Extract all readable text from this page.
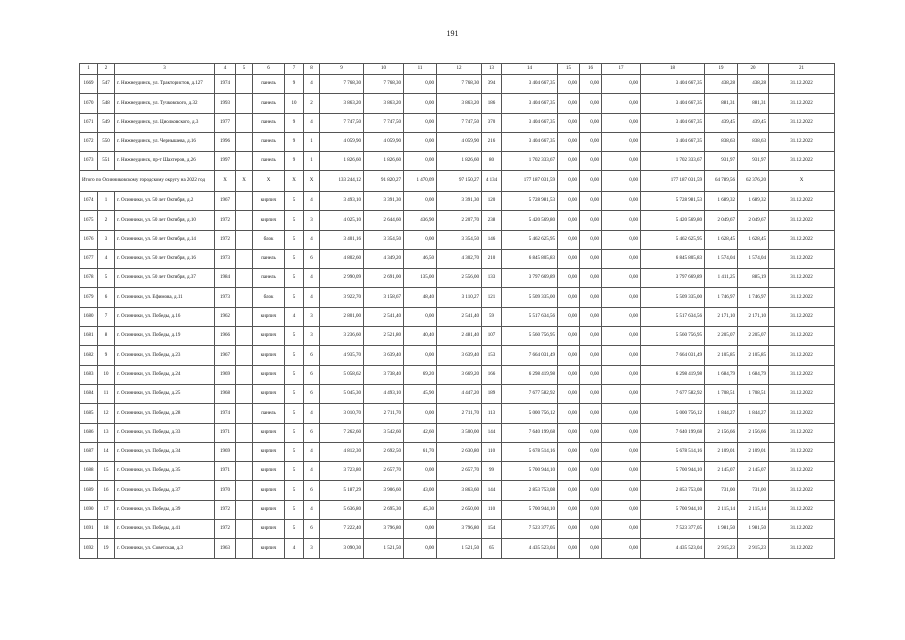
191
1	2	3	4	5	6	7	8	9	10	11	12	13	14	15	16	17	18	19	20	21
1669	547	г. Нижнеудинск, ул. Трактористов, д.127	1974		панель	9	4	7 768,30	7 768,30	0,00	7 768,30	394	3 404 667,35	0,00	0,00	0,00	3 404 667,35	438,28	438,28	31.12.2022
1670	548	г. Нижнеудинск, ул. Тучковского, д.32	1993		панель	10	2	3 863,20	3 863,20	0,00	3 863,20	186	3 404 667,35	0,00	0,00	0,00	3 404 667,35	881,31	881,31	31.12.2022
1671	549	г. Нижнеудинск, ул. Циолковского, д.3	1977		панель	9	4	7 747,50	7 747,50	0,00	7 747,50	370	3 404 667,35	0,00	0,00	0,00	3 404 667,35	439,45	439,45	31.12.2022
1672	550	г. Нижнеудинск, ул. Чернышева, д.16	1996		панель	9	1	4 059,90	4 059,90	0,00	4 059,90	216	3 404 667,35	0,00	0,00	0,00	3 404 667,35	838,63	838,63	31.12.2022
1673	551	г. Нижнеудинск, пр-т Шахтеров, д.26	1997		панель	9	1	1 826,60	1 826,60	0,00	1 826,60	80	1 702 333,67	0,00	0,00	0,00	1 702 333,67	931,97	931,97	31.12.2022
Итого по Осинниковскому городскому округу на 2022 год			X	X	X	X	X	133 244,12	91 820,27	1 470,09	97 150,27	4 134	177 187 031,59	0,00	0,00	0,00	177 187 031,59	64 789,56	62 376,20	X
1674	1	г. Осинники, ул. 50 лет Октября, д.2	1967		кирпич	5	4	3 493,10	3 391,30	0,00	3 391,30	120	5 728 981,53	0,00	0,00	0,00	5 728 981,53	1 689,32	1 689,32	31.12.2022
1675	2	г. Осинники, ул. 50 лет Октября, д.10	1972		кирпич	5	3	4 025,10	2 644,60	436,90	2 207,70	238	5 420 569,80	0,00	0,00	0,00	5 420 569,80	2 049,67	2 049,67	31.12.2022
1676	3	г. Осинники, ул. 50 лет Октября, д.14	1972		блок	5	4	3 401,16	3 354,50	0,00	3 354,50	146	5 462 625,95	0,00	0,00	0,00	5 462 625,95	1 628,45	1 628,45	31.12.2022
1677	4	г. Осинники, ул. 50 лет Октября, д.16	1973		панель	5	6	4 802,60	4 349,20	46,50	4 302,70	210	6 845 805,83	0,00	0,00	0,00	6 845 805,83	1 574,04	1 574,04	31.12.2022
1678	5	г. Осинники, ул. 50 лет Октября, д.37	1984		панель	5	4	2 990,09	2 691,00	135,00	2 556,00	133	3 797 669,89	0,00	0,00	0,00	3 797 669,89	1 411,25	885,19	31.12.2022
1679	6	г. Осинники, ул. Ефимова, д.11	1973		блок	5	4	3 922,70	3 158,67	48,40	3 110,27	121	5 509 335,00	0,00	0,00	0,00	5 509 335,00	1 746,97	1 746,97	31.12.2022
1680	7	г. Осинники, ул. Победы, д.16	1962		кирпич	4	3	2 801,00	2 541,40	0,00	2 541,40	59	5 517 634,56	0,00	0,00	0,00	5 517 634,56	2 171,10	2 171,10	31.12.2022
1681	8	г. Осинники, ул. Победы, д.19	1966		кирпич	5	3	3 236,60	2 521,80	40,40	2 481,40	107	5 560 756,95	0,00	0,00	0,00	5 560 756,95	2 205,07	2 205,07	31.12.2022
1682	9	г. Осинники, ул. Победы, д.23	1967		кирпич	5	6	4 935,70	3 639,40	0,00	3 639,40	153	7 664 031,49	0,00	0,00	0,00	7 664 031,49	2 105,85	2 105,85	31.12.2022
1683	10	г. Осинники, ул. Победы, д.24	1969		кирпич	5	6	5 058,62	3 738,40	69,20	3 669,20	166	6 298 419,98	0,00	0,00	0,00	6 298 419,98	1 684,79	1 684,79	31.12.2022
1684	11	г. Осинники, ул. Победы, д.25	1968		кирпич	5	6	5 045,30	4 493,10	45,90	4 447,20	189	7 677 582,92	0,00	0,00	0,00	7 677 582,92	1 708,51	1 708,51	31.12.2022
1685	12	г. Осинники, ул. Победы, д.28	1974		панель	5	4	3 010,70	2 711,70	0,00	2 711,70	113	5 000 756,12	0,00	0,00	0,00	5 000 756,12	1 844,27	1 844,27	31.12.2022
1686	13	г. Осинники, ул. Победы, д.33	1971		кирпич	5	6	7 262,60	3 542,60	42,60	3 500,00	144	7 640 199,68	0,00	0,00	0,00	7 640 199,68	2 156,66	2 156,66	31.12.2022
1687	14	г. Осинники, ул. Победы, д.34	1969		кирпич	5	4	4 812,30	2 692,50	61,70	2 630,80	110	5 678 514,16	0,00	0,00	0,00	5 678 514,16	2 109,01	2 109,01	31.12.2022
1688	15	г. Осинники, ул. Победы, д.35	1971		кирпич	5	4	3 723,80	2 657,70	0,00	2 657,70	99	5 700 944,10	0,00	0,00	0,00	5 700 944,10	2 145,07	2 145,07	31.12.2022
1689	16	г. Осинники, ул. Победы, д.37	1970		кирпич	5	6	5 187,29	3 906,60	43,00	3 863,60	144	2 853 753,08	0,00	0,00	0,00	2 853 753,08	731,00	731,00	31.12.2022
1690	17	г. Осинники, ул. Победы, д.39	1972		кирпич	5	4	5 636,80	2 695,30	45,30	2 650,00	110	5 700 944,10	0,00	0,00	0,00	5 700 944,10	2 115,14	2 115,14	31.12.2022
1691	18	г. Осинники, ул. Победы, д.41	1972		кирпич	5	6	7 222,40	3 796,80	0,00	3 796,80	154	7 523 377,05	0,00	0,00	0,00	7 523 377,05	1 981,50	1 981,50	31.12.2022
1692	19	г. Осинники, ул. Советская, д.3	1963		кирпич	4	3	3 090,30	1 521,50	0,00	1 521,50	65	4 435 523,04	0,00	0,00	0,00	4 435 523,04	2 915,23	2 915,23	31.12.2022
